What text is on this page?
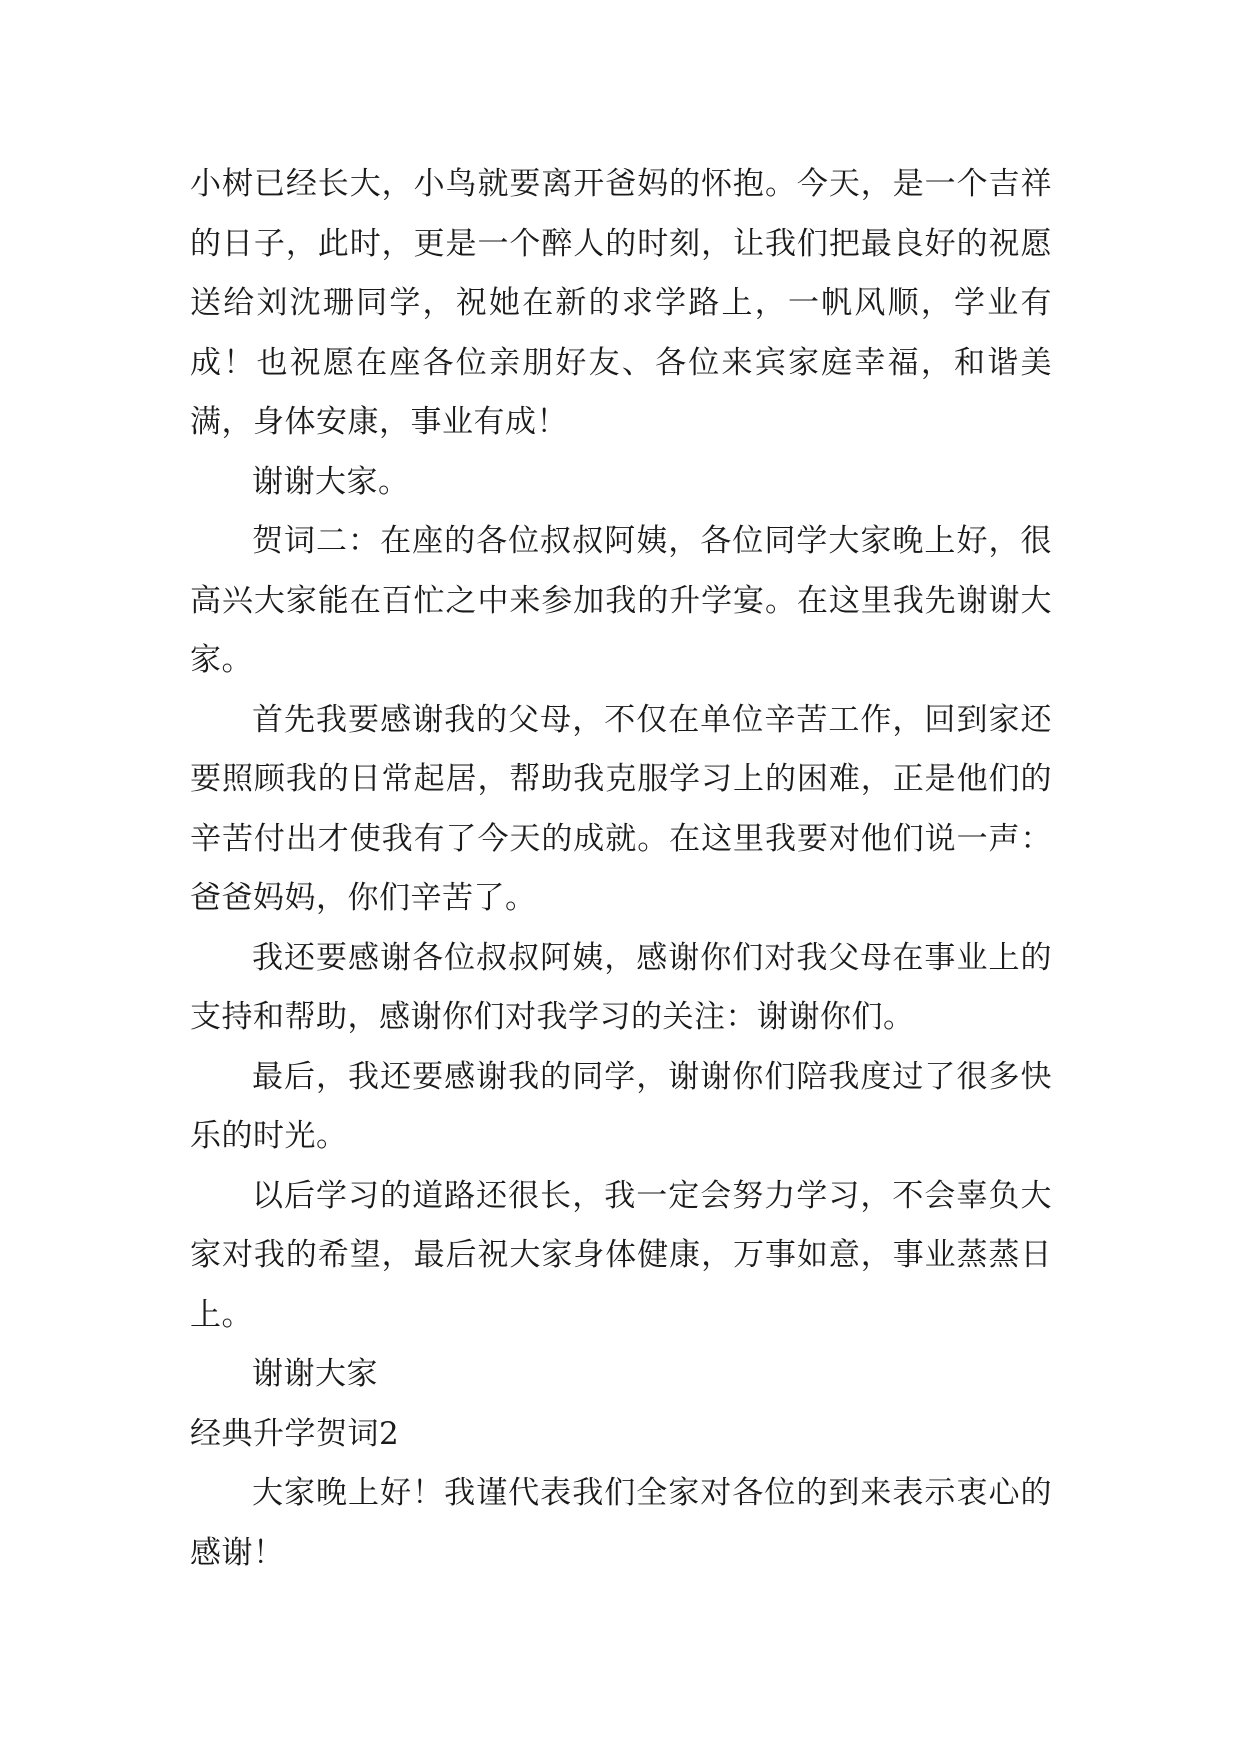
小树已经长大，小鸟就要离开爸妈的怀抱。今天，是一个吉祥的日子，此时，更是一个醉人的时刻，让我们把最良好的祝愿送给刘沈珊同学，祝她在新的求学路上，一帆风顺，学业有成！也祝愿在座各位亲朋好友、各位来宾家庭幸福，和谐美满，身体安康，事业有成！

谢谢大家。

贺词二：在座的各位叔叔阿姨，各位同学大家晚上好，很高兴大家能在百忙之中来参加我的升学宴。在这里我先谢谢大家。

首先我要感谢我的父母，不仅在单位辛苦工作，回到家还要照顾我的日常起居，帮助我克服学习上的困难，正是他们的辛苦付出才使我有了今天的成就。在这里我要对他们说一声：爸爸妈妈，你们辛苦了。

我还要感谢各位叔叔阿姨，感谢你们对我父母在事业上的支持和帮助，感谢你们对我学习的关注：谢谢你们。

最后，我还要感谢我的同学，谢谢你们陪我度过了很多快乐的时光。

以后学习的道路还很长，我一定会努力学习，不会辜负大家对我的希望，最后祝大家身体健康，万事如意，事业蒸蒸日上。

谢谢大家

经典升学贺词2

大家晚上好！我谨代表我们全家对各位的到来表示衷心的感谢！
